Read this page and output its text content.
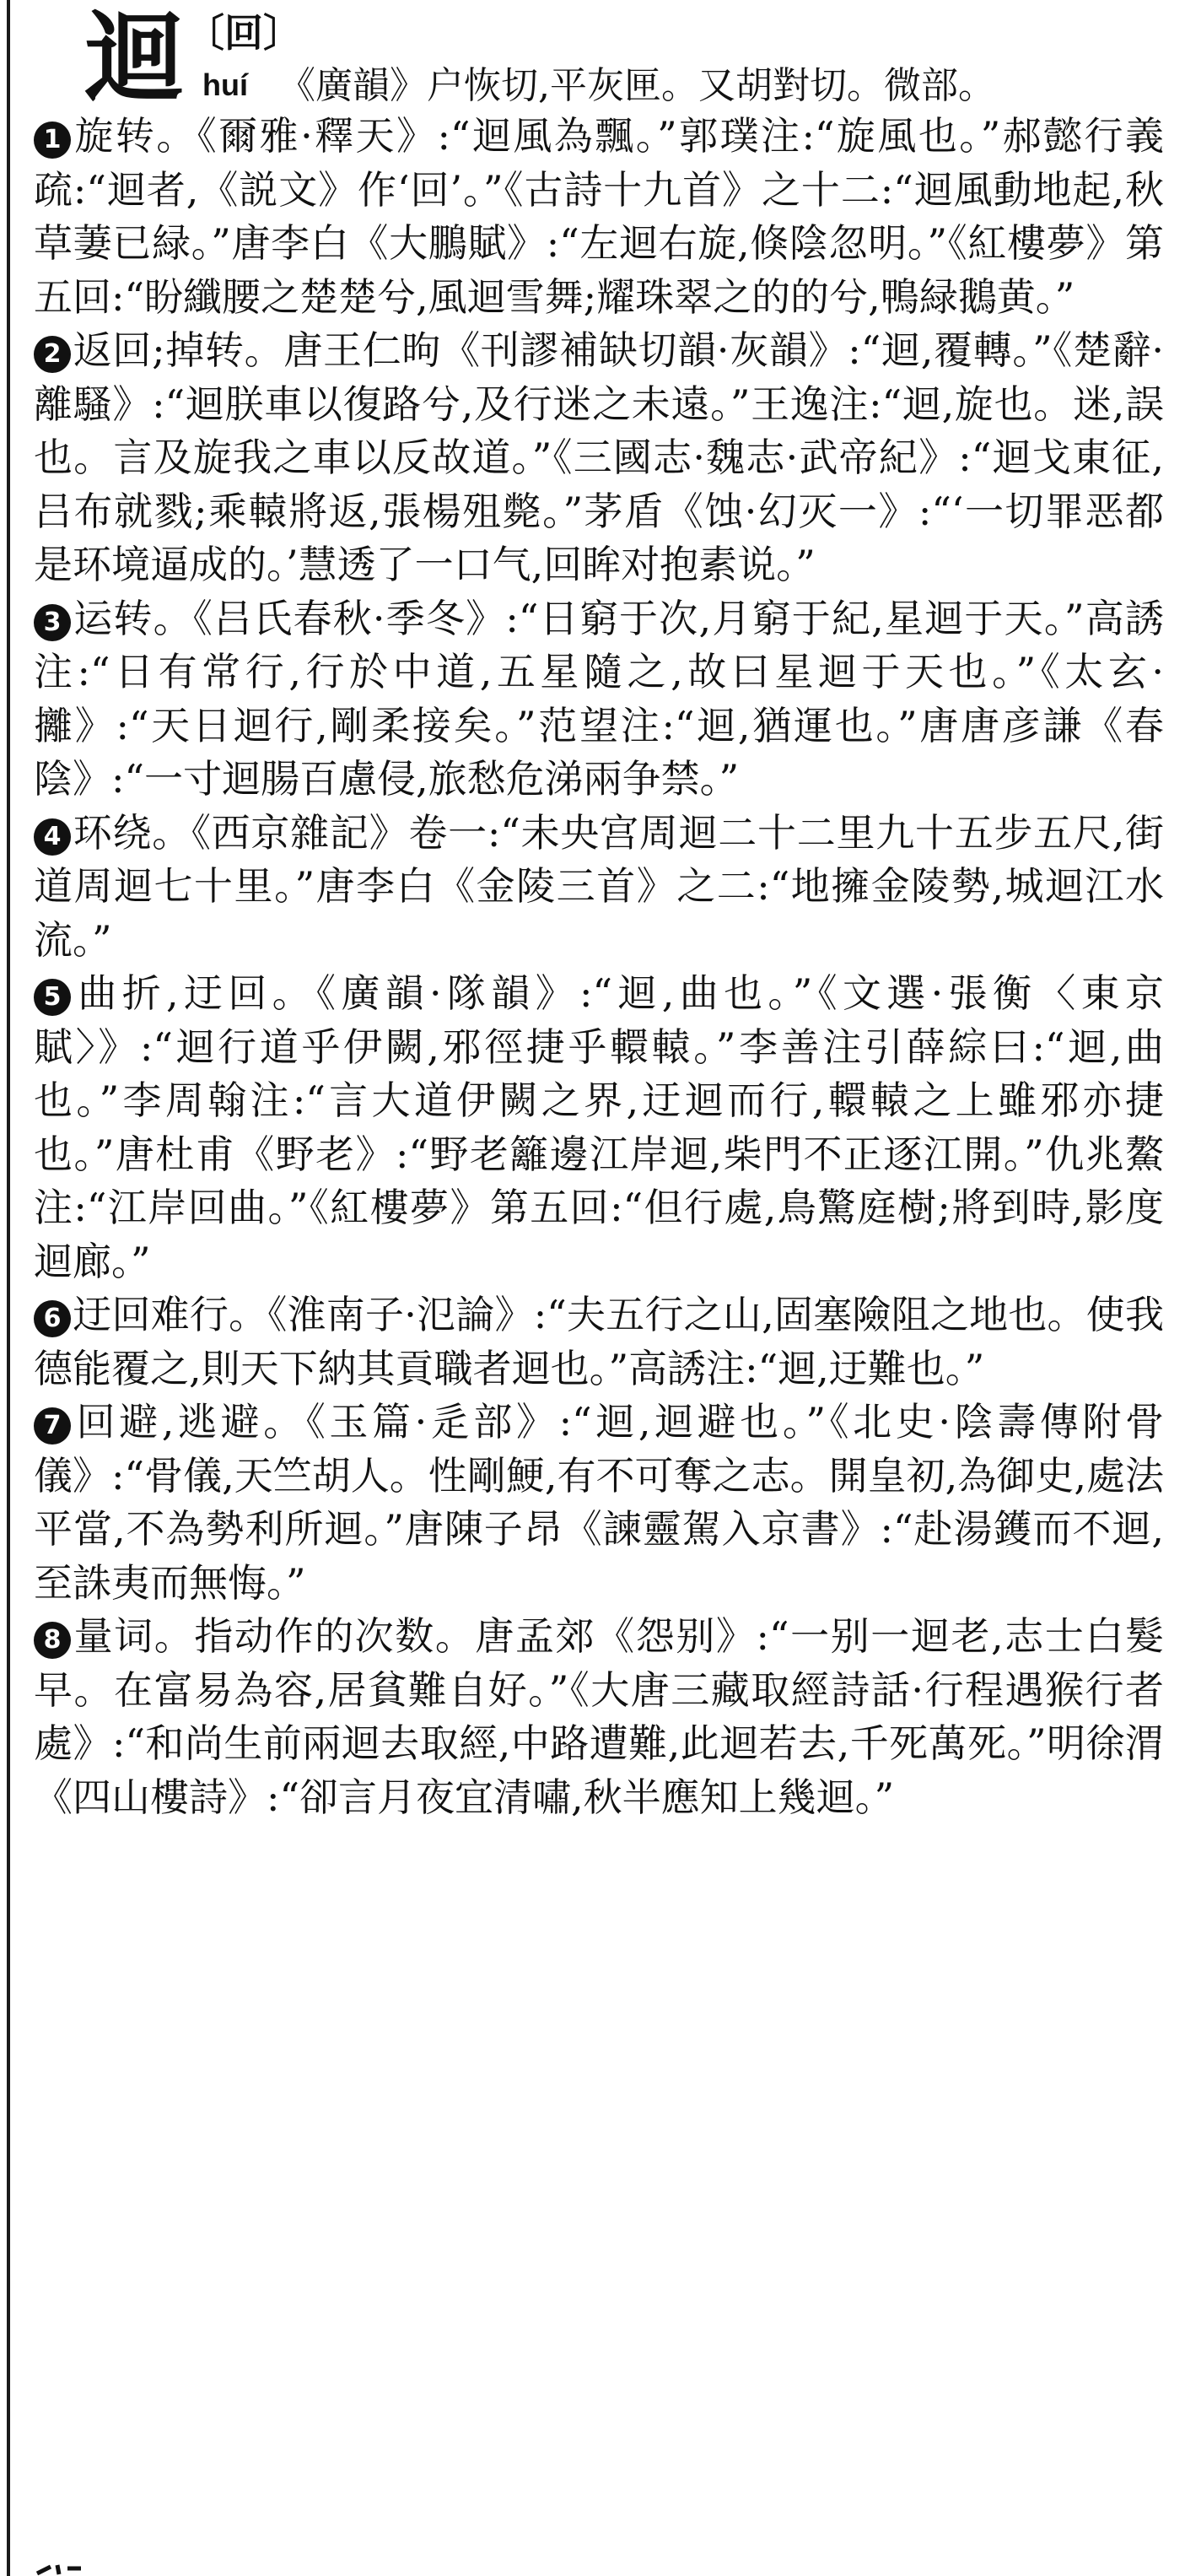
迴 〔回〕
huí 《廣韻》户恢切,平灰匣。又胡對切。微部。

1 旋转。《爾雅·釋天》:“迴風為飄。”郭璞注:“旋風也。”郝懿行義疏:“迴者,《説文》作‘回’。”《古詩十九首》之十二:“迴風動地起,秋草萋已緑。”唐李白《大鵬賦》:“左迴右旋,倏陰忽明。”《紅樓夢》第五回:“盼纖腰之楚楚兮,風迴雪舞;耀珠翠之的的兮,鴨緑鵝黄。”

2 返回;掉转。唐王仁昫《刊謬補缺切韻·灰韻》:“迴,覆轉。”《楚辭·離騷》:“迴朕車以復路兮,及行迷之未遠。”王逸注:“迴,旋也。迷,誤也。言及旋我之車以反故道。”《三國志·魏志·武帝紀》:“迴戈東征,吕布就戮;乘轅將返,張楊殂斃。”茅盾《蚀·幻灭一》:“‘一切罪恶都是环境逼成的。’慧透了一口气,回眸对抱素说。”

3 运转。《吕氏春秋·季冬》:“日窮于次,月窮于紀,星迴于天。”高誘注:“日有常行,行於中道,五星隨之,故曰星迴于天也。”《太玄·攡》:“天日迴行,剛柔接矣。”范望注:“迴,猶運也。”唐唐彦謙《春陰》:“一寸迴腸百慮侵,旅愁危涕兩争禁。”

4 环绕。《西京雜記》卷一:“未央宫周迴二十二里九十五步五尺,街道周迴七十里。”唐李白《金陵三首》之二:“地擁金陵勢,城迴江水流。”

5 曲折,迂回。《廣韻·隊韻》:“迴,曲也。”《文選·張衡〈東京賦〉》:“迴行道乎伊闕,邪徑捷乎轘轅。”李善注引薛綜曰:“迴,曲也。”李周翰注:“言大道伊闕之界,迂迴而行,轘轅之上雖邪亦捷也。”唐杜甫《野老》:“野老籬邊江岸迴,柴門不正逐江開。”仇兆鰲注:“江岸回曲。”《紅樓夢》第五回:“但行處,鳥驚庭樹;將到時,影度迴廊。”

6 迂回难行。《淮南子·氾論》:“夫五行之山,固塞險阻之地也。使我德能覆之,則天下納其貢職者迴也。”高誘注:“迴,迂難也。”

7 回避,逃避。《玉篇·辵部》:“迴,迴避也。”《北史·陰壽傳附骨儀》:“骨儀,天竺胡人。性剛鯁,有不可奪之志。開皇初,為御史,處法平當,不為勢利所迴。”唐陳子昂《諫靈駕入京書》:“赴湯鑊而不迴,至誅夷而無悔。”

8 量词。指动作的次数。唐孟郊《怨别》:“一别一迴老,志士白髮早。在富易為容,居貧難自好。”《大唐三藏取經詩話·行程遇猴行者處》:“和尚生前兩迴去取經,中路遭難,此迴若去,千死萬死。”明徐渭《四山樓詩》:“卻言月夜宜清嘯,秋半應知上幾迴。”
